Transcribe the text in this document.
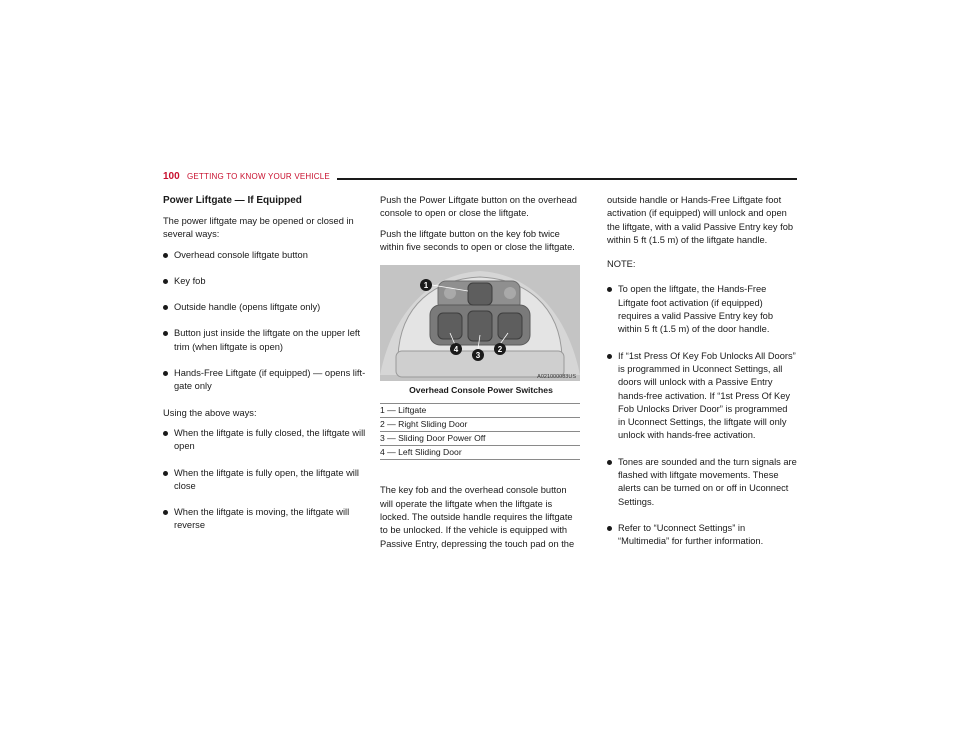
100 GETTING TO KNOW YOUR VEHICLE
Power Liftgate — If Equipped

The power liftgate may be opened or closed in several ways:

Overhead console liftgate button
Key fob
Outside handle (opens liftgate only)
Button just inside the liftgate on the upper left trim (when liftgate is open)
Hands-Free Liftgate (if equipped) — opens lift-gate only

Using the above ways:

When the liftgate is fully closed, the liftgate will open
When the liftgate is fully open, the liftgate will close
When the liftgate is moving, the liftgate will reverse

Push the Power Liftgate button on the overhead console to open or close the liftgate.

Push the liftgate button on the key fob twice within five seconds to open or close the liftgate.

1
2
3
4
A021000083US
Overhead Console Power Switches
1 — Liftgate
2 — Right Sliding Door
3 — Sliding Door Power Off
4 — Left Sliding Door

The key fob and the overhead console button will operate the liftgate when the liftgate is locked. The outside handle requires the liftgate to be unlocked. If the vehicle is equipped with Passive Entry, depressing the touch pad on the

outside handle or Hands-Free Liftgate foot activation (if equipped) will unlock and open the liftgate, with a valid Passive Entry key fob within 5 ft (1.5 m) of the liftgate handle.

NOTE:

To open the liftgate, the Hands-Free Liftgate foot activation (if equipped) requires a valid Passive Entry key fob within 5 ft (1.5 m) of the door handle.
If “1st Press Of Key Fob Unlocks All Doors” is programmed in Uconnect Settings, all doors will unlock with a Passive Entry hands-free activation. If “1st Press Of Key Fob Unlocks Driver Door” is programmed in Uconnect Settings, the liftgate will only unlock with hands-free activation.
Tones are sounded and the turn signals are flashed with liftgate movements. These alerts can be turned on or off in Uconnect Settings.
Refer to “Uconnect Settings” in “Multimedia” for further information.
